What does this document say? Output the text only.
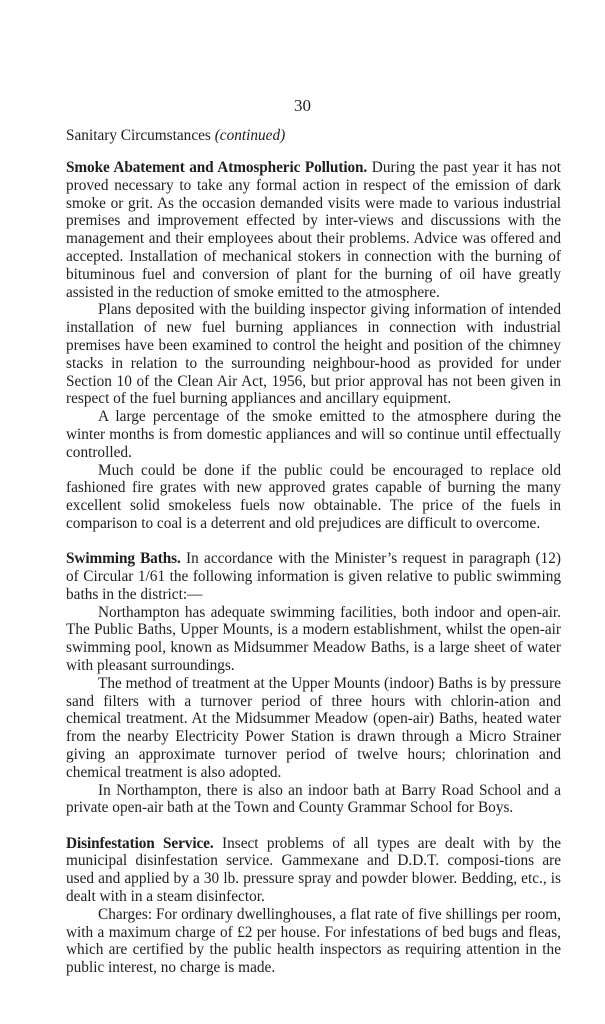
30
Sanitary Circumstances (continued)

Smoke Abatement and Atmospheric Pollution. During the past year it has not proved necessary to take any formal action in respect of the emission of dark smoke or grit. As the occasion demanded visits were made to various industrial premises and improvement effected by inter-views and discussions with the management and their employees about their problems. Advice was offered and accepted. Installation of mechanical stokers in connection with the burning of bituminous fuel and conversion of plant for the burning of oil have greatly assisted in the reduction of smoke emitted to the atmosphere.

Plans deposited with the building inspector giving information of intended installation of new fuel burning appliances in connection with industrial premises have been examined to control the height and position of the chimney stacks in relation to the surrounding neighbour-hood as provided for under Section 10 of the Clean Air Act, 1956, but prior approval has not been given in respect of the fuel burning appliances and ancillary equipment.

A large percentage of the smoke emitted to the atmosphere during the winter months is from domestic appliances and will so continue until effectually controlled.

Much could be done if the public could be encouraged to replace old fashioned fire grates with new approved grates capable of burning the many excellent solid smokeless fuels now obtainable. The price of the fuels in comparison to coal is a deterrent and old prejudices are difficult to overcome.

Swimming Baths. In accordance with the Minister’s request in paragraph (12) of Circular 1/61 the following information is given relative to public swimming baths in the district:—

Northampton has adequate swimming facilities, both indoor and open-air. The Public Baths, Upper Mounts, is a modern establishment, whilst the open-air swimming pool, known as Midsummer Meadow Baths, is a large sheet of water with pleasant surroundings.

The method of treatment at the Upper Mounts (indoor) Baths is by pressure sand filters with a turnover period of three hours with chlorin-ation and chemical treatment. At the Midsummer Meadow (open-air) Baths, heated water from the nearby Electricity Power Station is drawn through a Micro Strainer giving an approximate turnover period of twelve hours; chlorination and chemical treatment is also adopted.

In Northampton, there is also an indoor bath at Barry Road School and a private open-air bath at the Town and County Grammar School for Boys.

Disinfestation Service. Insect problems of all types are dealt with by the municipal disinfestation service. Gammexane and D.D.T. composi-tions are used and applied by a 30 lb. pressure spray and powder blower. Bedding, etc., is dealt with in a steam disinfector.

Charges: For ordinary dwellinghouses, a flat rate of five shillings per room, with a maximum charge of £2 per house. For infestations of bed bugs and fleas, which are certified by the public health inspectors as requiring attention in the public interest, no charge is made.
